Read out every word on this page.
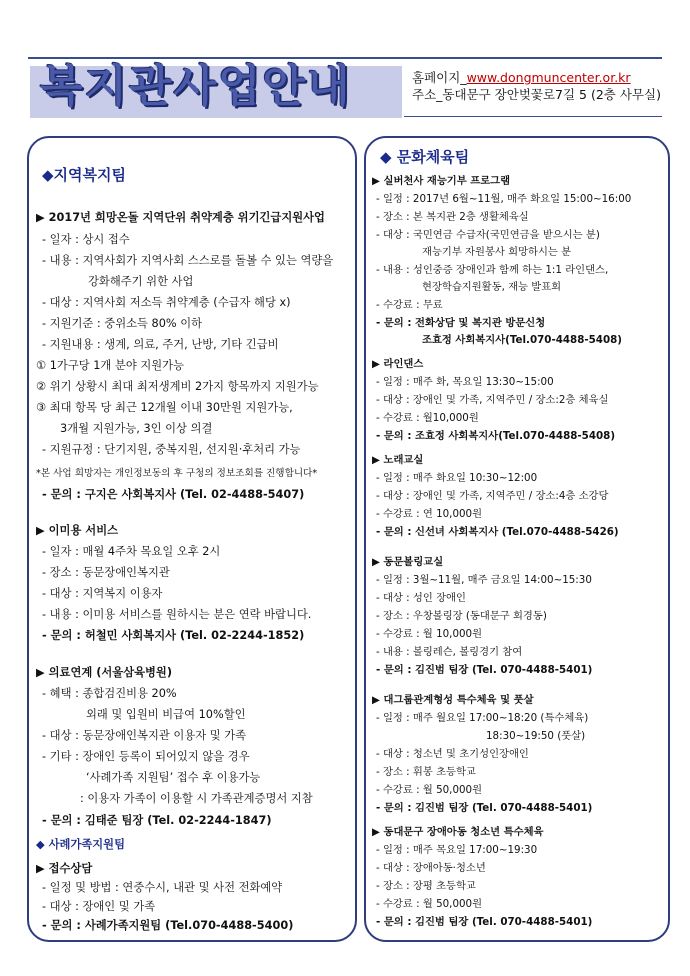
복지관사업안내	홈페이지_www.dongmuncenter.or.kr
주소_동대문구 장안벚꽃로7길 5 (2층 사무실)
◆지역복지팀
▶ 2017년 희망온돌 지역단위 취약계층 위기긴급지원사업
- 일자 : 상시 접수
- 내용 : 지역사회가 지역사회 스스로를 돌볼 수 있는 역량을
강화해주기 위한 사업
- 대상 : 지역사회 저소득 취약계층 (수급자 해당 x)
- 지원기준 : 중위소득 80% 이하
- 지원내용 : 생계, 의료, 주거, 난방, 기타 긴급비
① 1가구당 1개 분야 지원가능
② 위기 상황시 최대 최저생계비 2가지 항목까지 지원가능
③ 최대 항목 당 최근 12개월 이내 30만원 지원가능,
3개월 지원가능, 3인 이상 의결
- 지원규정 : 단기지원, 중복지원, 선지원·후처리 가능
*본 사업 희망자는 개인정보동의 후 구청의 정보조회를 진행합니다*
- 문의 : 구지은 사회복지사 (Tel. 02-4488-5407)
▶ 이미용 서비스
- 일자 : 매월 4주차 목요일 오후 2시
- 장소 : 동문장애인복지관
- 대상 : 지역복지 이용자
- 내용 : 이미용 서비스를 원하시는 분은 연락 바랍니다.
- 문의 : 허철민 사회복지사 (Tel. 02-2244-1852)
▶ 의료연계 (서울삼육병원)
- 혜택 : 종합검진비용 20%
외래 및 입원비 비급여 10%할인
- 대상 : 동문장애인복지관 이용자 및 가족
- 기타 : 장애인 등록이 되어있지 않을 경우
‘사례가족 지원팀’ 접수 후 이용가능
: 이용자 가족이 이용할 시 가족관계증명서 지참
- 문의 : 김태준 팀장 (Tel. 02-2244-1847)
◆ 사례가족지원팀
▶ 접수상담
- 일정 및 방법 : 연중수시, 내관 및 사전 전화예약
- 대상 : 장애인 및 가족
◆ 문화체육팀
▶ 실버천사 재능기부 프로그램
- 일정 : 2017년 6월~11월, 매주 화요일 15:00~16:00
- 장소 : 본 복지관 2층 생활체육실
- 대상 : 국민연금 수급자(국민연금을 받으시는 분)
재능기부 자원봉사 희망하시는 분
- 내용 : 성인중증 장애인과 함께 하는 1:1 라인댄스,
현장학습지원활동, 재능 발표회
- 수강료 : 무료
- 문의 : 전화상담 및 복지관 방문신청
조효정 사회복지사(Tel.070-4488-5408)
▶ 라인댄스
- 일정 : 매주 화, 목요일 13:30~15:00
- 대상 : 장애인 및 가족, 지역주민 / 장소:2층 체육실
- 수강료 : 월10,000원
- 문의 : 조효정 사회복지사(Tel.070-4488-5408)
▶ 노래교실
- 일정 : 매주 화요일 10:30~12:00
- 대상 : 장애인 및 가족, 지역주민 / 장소:4층 소강당
- 수강료 : 연 10,000원
- 문의 : 신선녀 사회복지사 (Tel.070-4488-5426)
▶ 동문볼링교실
- 일정 : 3월~11월, 매주 금요일 14:00~15:30
- 대상 : 성인 장애인
- 장소 : 우창볼링장 (동대문구 회경동)
- 수강료 : 월 10,000원
- 내용 : 볼링레슨, 볼링경기 참여
- 문의 : 김진범 팀장 (Tel. 070-4488-5401)
▶ 대그룹관계형성 특수체육 및 풋살
- 일정 : 매주 월요일 17:00~18:20 (특수체육)
18:30~19:50 (풋살)
- 대상 : 청소년 및 초기성인장애인
- 장소 : 휘봉 초등학교
- 수강료 : 월 50,000원
- 문의 : 김진범 팀장 (Tel. 070-4488-5401)
▶ 동대문구 장애아동 청소년 특수체육
- 일정 : 매주 목요일 17:00~19:30
- 대상 : 장애아동·청소년
- 장소 : 장평 초등학교
- 수강료 : 월 50,000원
- 문의 : 김진범 팀장 (Tel. 070-4488-5401)
- 문의 : 사례가족지원팀 (Tel.070-4488-5400)
